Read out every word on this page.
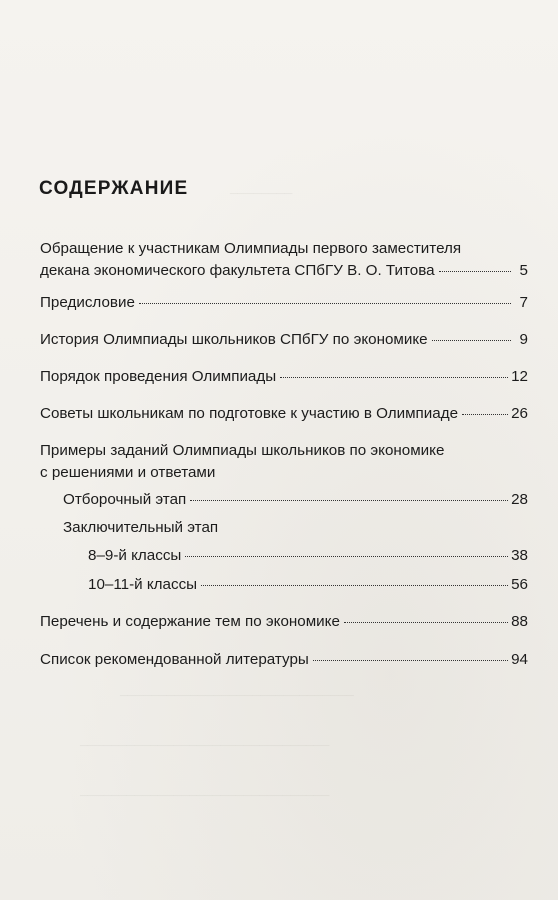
────────
──────────────────────────────
────────────────────────────────
────────────────────────────────
СОДЕРЖАНИЕ
Обращение к участникам Олимпиады первого заместителя
декана экономического факультета СПбГУ В. О. Титова	5
Предисловие	7
История Олимпиады школьников СПбГУ по экономике	9
Порядок проведения Олимпиады	12
Советы школьникам по подготовке к участию в Олимпиаде	26
Примеры заданий Олимпиады школьников по экономике
с решениями и ответами
Отборочный этап	28
Заключительный этап
8–9-й классы	38
10–11-й классы	56
Перечень и содержание тем по экономике	88
Список рекомендованной литературы	94
